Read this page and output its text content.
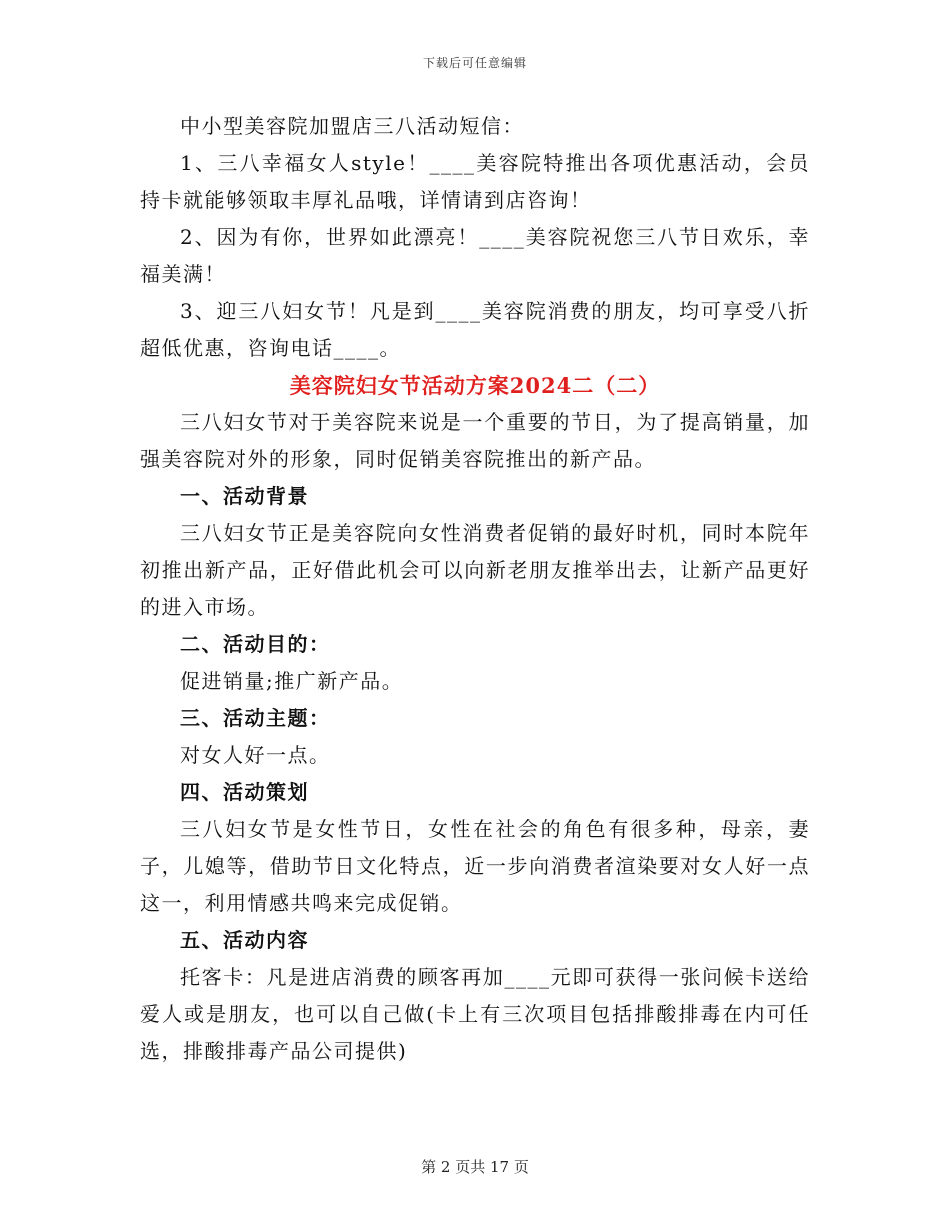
下载后可任意编辑

中小型美容院加盟店三八活动短信：

1、三八幸福女人style！____美容院特推出各项优惠活动，会员持卡就能够领取丰厚礼品哦，详情请到店咨询！

2、因为有你，世界如此漂亮！____美容院祝您三八节日欢乐，幸福美满！

3、迎三八妇女节！凡是到____美容院消费的朋友，均可享受八折超低优惠，咨询电话____。

美容院妇女节活动方案2024二（二）

三八妇女节对于美容院来说是一个重要的节日，为了提高销量，加强美容院对外的形象，同时促销美容院推出的新产品。

一、活动背景

三八妇女节正是美容院向女性消费者促销的最好时机，同时本院年初推出新产品，正好借此机会可以向新老朋友推举出去，让新产品更好的进入市场。

二、活动目的：

促进销量;推广新产品。

三、活动主题：

对女人好一点。

四、活动策划

三八妇女节是女性节日，女性在社会的角色有很多种，母亲，妻子，儿媳等，借助节日文化特点，近一步向消费者渲染要对女人好一点这一，利用情感共鸣来完成促销。

五、活动内容

托客卡：凡是进店消费的顾客再加____元即可获得一张问候卡送给爱人或是朋友，也可以自己做(卡上有三次项目包括排酸排毒在内可任选，排酸排毒产品公司提供)

第 2 页共 17 页
